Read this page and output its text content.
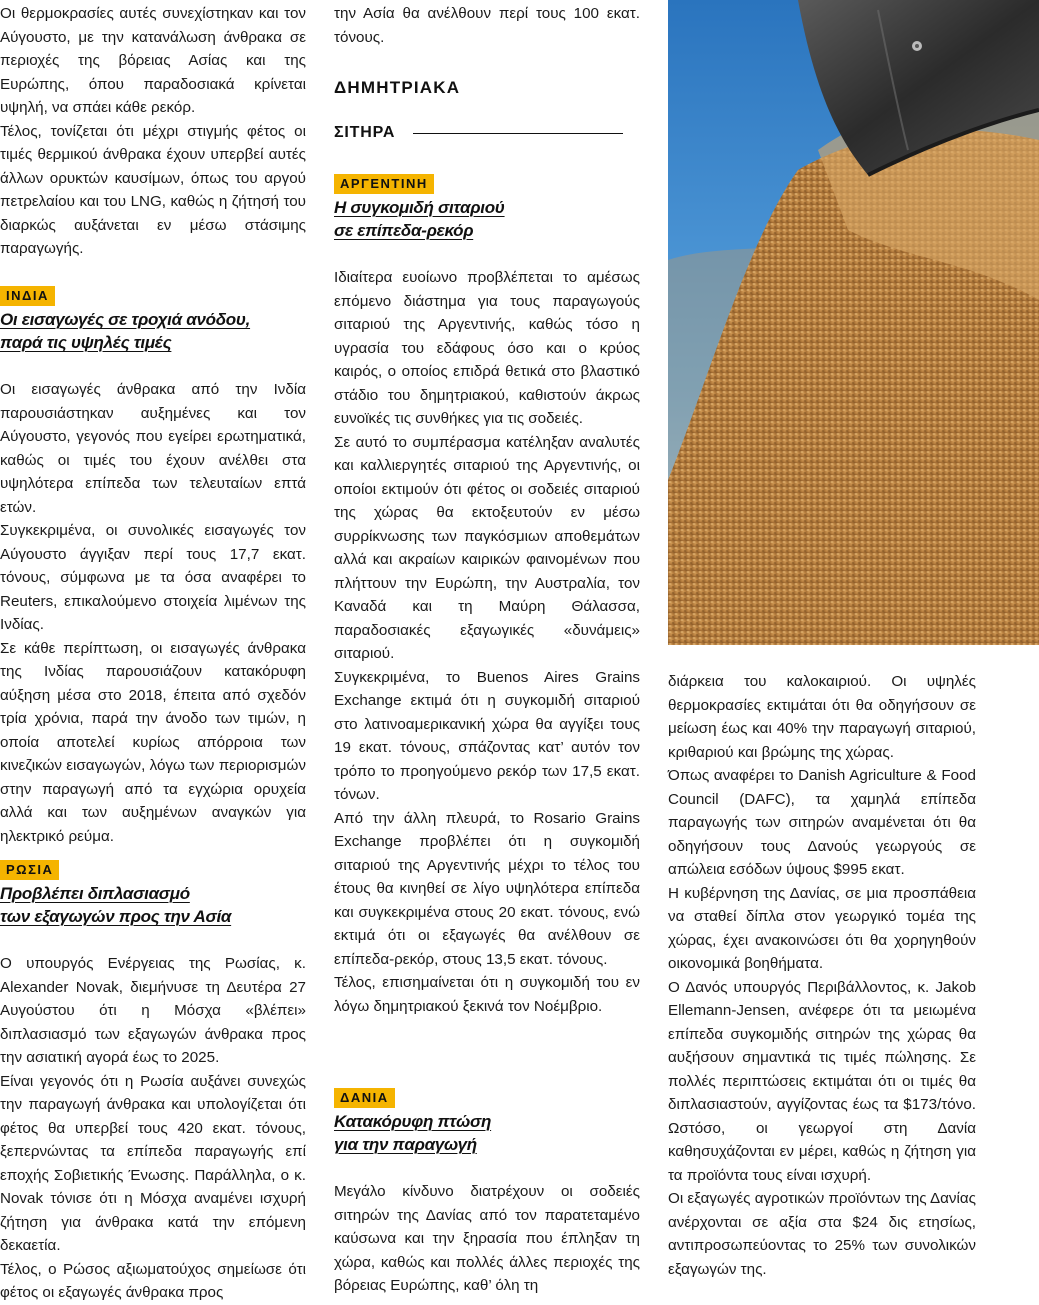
Οι θερμοκρασίες αυτές συνεχίστηκαν και τον Αύγουστο, με την κατανάλωση άνθρακα σε περιοχές της βόρειας Ασίας και της Ευρώπης, όπου παραδοσιακά κρίνεται υψηλή, να σπάει κάθε ρεκόρ.

Τέλος, τονίζεται ότι μέχρι στιγμής φέτος οι τιμές θερμικού άνθρακα έχουν υπερβεί αυτές άλλων ορυκτών καυσίμων, όπως του αργού πετρελαίου και του LNG, καθώς η ζήτησή του διαρκώς αυξάνεται εν μέσω στάσιμης παραγωγής.

ΙΝΔΙΑ
Οι εισαγωγές σε τροχιά ανόδου,
παρά τις υψηλές τιμές

Οι εισαγωγές άνθρακα από την Ινδία παρουσιάστηκαν αυξημένες και τον Αύγουστο, γεγονός που εγείρει ερωτηματικά, καθώς οι τιμές του έχουν ανέλθει στα υψηλότερα επίπεδα των τελευταίων επτά ετών.

Συγκεκριμένα, οι συνολικές εισαγωγές τον Αύγουστο άγγιξαν περί τους 17,7 εκατ. τόνους, σύμφωνα με τα όσα αναφέρει το Reuters, επικαλούμενο στοιχεία λιμένων της Ινδίας.

Σε κάθε περίπτωση, οι εισαγωγές άνθρακα της Ινδίας παρουσιάζουν κατακόρυφη αύξηση μέσα στο 2018, έπειτα από σχεδόν τρία χρόνια, παρά την άνοδο των τιμών, η οποία αποτελεί κυρίως απόρροια των κινεζικών εισαγωγών, λόγω των περιορισμών στην παραγωγή από τα εγχώρια ορυχεία αλλά και των αυξημένων αναγκών για ηλεκτρικό ρεύμα.

ΡΩΣΙΑ
Προβλέπει διπλασιασμό
των εξαγωγών προς την Ασία

Ο υπουργός Ενέργειας της Ρωσίας, κ. Alexander Novak, διεμήνυσε τη Δευτέρα 27 Αυγούστου ότι η Μόσχα «βλέπει» διπλασιασμό των εξαγωγών άνθρακα προς την ασιατική αγορά έως το 2025.

Είναι γεγονός ότι η Ρωσία αυξάνει συνεχώς την παραγωγή άνθρακα και υπολογίζεται ότι φέτος θα υπερβεί τους 420 εκατ. τόνους, ξεπερνώντας τα επίπεδα παραγωγής επί εποχής Σοβιετικής Ένωσης. Παράλληλα, ο κ. Novak τόνισε ότι η Μόσχα αναμένει ισχυρή ζήτηση για άνθρακα κατά την επόμενη δεκαετία.

Τέλος, ο Ρώσος αξιωματούχος σημείωσε ότι φέτος οι εξαγωγές άνθρακα προς

την Ασία θα ανέλθουν περί τους 100 εκατ. τόνους.

ΔΗΜΗΤΡΙΑΚΑ
ΣΙΤΗΡΑ
ΑΡΓΕΝΤΙΝΗ
Η συγκομιδή σιταριού
σε επίπεδα-ρεκόρ

Ιδιαίτερα ευοίωνο προβλέπεται το αμέσως επόμενο διάστημα για τους παραγωγούς σιταριού της Αργεντινής, καθώς τόσο η υγρασία του εδάφους όσο και ο κρύος καιρός, ο οποίος επιδρά θετικά στο βλαστικό στάδιο του δημητριακού, καθιστούν άκρως ευνοϊκές τις συνθήκες για τις σοδειές.

Σε αυτό το συμπέρασμα κατέληξαν αναλυτές και καλλιεργητές σιταριού της Αργεντινής, οι οποίοι εκτιμούν ότι φέτος οι σοδειές σιταριού της χώρας θα εκτοξευτούν εν μέσω συρρίκνωσης των παγκόσμιων αποθεμάτων αλλά και ακραίων καιρικών φαινομένων που πλήττουν την Ευρώπη, την Αυστραλία, τον Καναδά και τη Μαύρη Θάλασσα, παραδοσιακές εξαγωγικές «δυνάμεις» σιταριού.

Συγκεκριμένα, το Buenos Aires Grains Exchange εκτιμά ότι η συγκομιδή σιταριού στο λατινοαμερικανική χώρα θα αγγίξει τους 19 εκατ. τόνους, σπάζοντας κατ’ αυτόν τον τρόπο το προηγούμενο ρεκόρ των 17,5 εκατ. τόνων.

Από την άλλη πλευρά, το Rosario Grains Exchange προβλέπει ότι η συγκομιδή σιταριού της Αργεντινής μέχρι το τέλος του έτους θα κινηθεί σε λίγο υψηλότερα επίπεδα και συγκεκριμένα στους 20 εκατ. τόνους, ενώ εκτιμά ότι οι εξαγωγές θα ανέλθουν σε επίπεδα-ρεκόρ, στους 13,5 εκατ. τόνους.

Τέλος, επισημαίνεται ότι η συγκομιδή του εν λόγω δημητριακού ξεκινά τον Νοέμβριο.

ΔΑΝΙΑ
Κατακόρυφη πτώση
για την παραγωγή

Μεγάλο κίνδυνο διατρέχουν οι σοδειές σιτηρών της Δανίας από τον παρατεταμένο καύσωνα και την ξηρασία που έπληξαν τη χώρα, καθώς και πολλές άλλες περιοχές της βόρειας Ευρώπης, καθ’ όλη τη

διάρκεια του καλοκαιριού. Οι υψηλές θερμοκρασίες εκτιμάται ότι θα οδηγήσουν σε μείωση έως και 40% την παραγωγή σιταριού, κριθαριού και βρώμης της χώρας.

Όπως αναφέρει το Danish Agriculture & Food Council (DAFC), τα χαμηλά επίπεδα παραγωγής των σιτηρών αναμένεται ότι θα οδηγήσουν τους Δανούς γεωργούς σε απώλεια εσόδων ύψους $995 εκατ.

Η κυβέρνηση της Δανίας, σε μια προσπάθεια να σταθεί δίπλα στον γεωργικό τομέα της χώρας, έχει ανακοινώσει ότι θα χορηγηθούν οικονομικά βοηθήματα.

Ο Δανός υπουργός Περιβάλλοντος, κ. Jakob Ellemann-Jensen, ανέφερε ότι τα μειωμένα επίπεδα συγκομιδής σιτηρών της χώρας θα αυξήσουν σημαντικά τις τιμές πώλησης. Σε πολλές περιπτώσεις εκτιμάται ότι οι τιμές θα διπλασιαστούν, αγγίζοντας έως τα $173/τόνο. Ωστόσο, οι γεωργοί στη Δανία καθησυχάζονται εν μέρει, καθώς η ζήτηση για τα προϊόντα τους είναι ισχυρή.

Οι εξαγωγές αγροτικών προϊόντων της Δανίας ανέρχονται σε αξία στα $24 δις ετησίως, αντιπροσωπεύοντας το 25% των συνολικών εξαγωγών της.
